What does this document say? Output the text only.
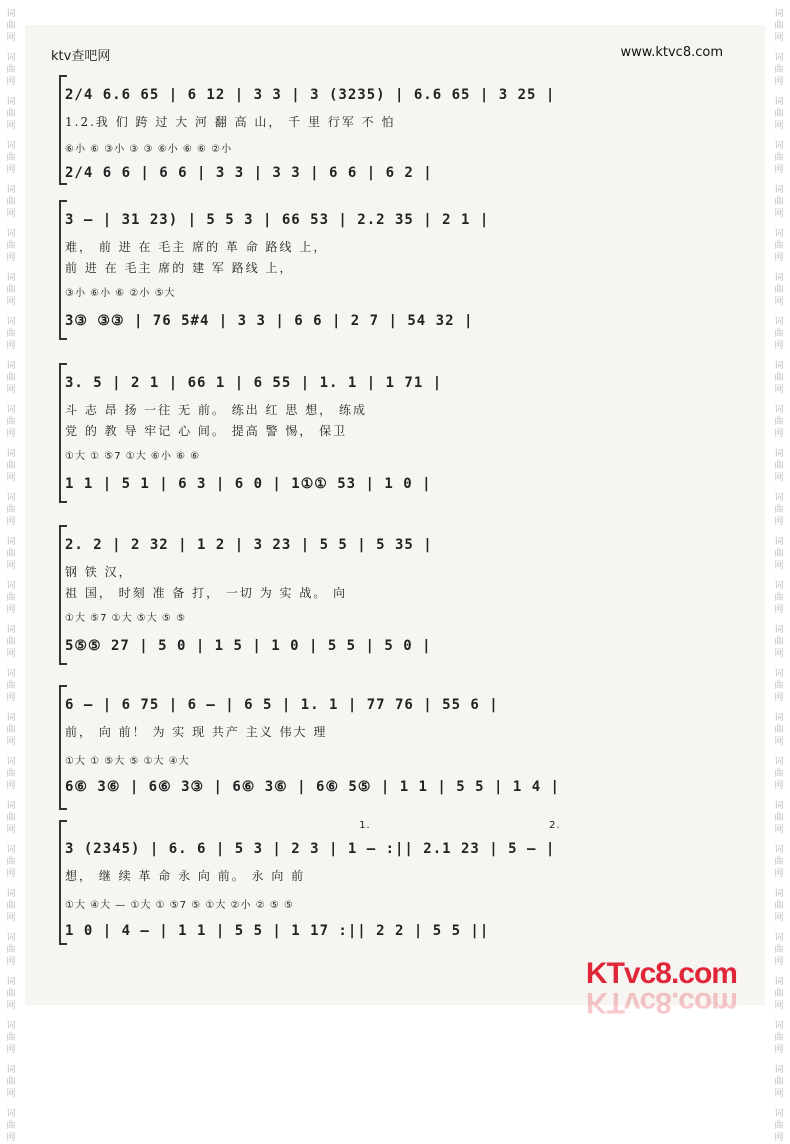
词曲网
词曲网
词曲网
词曲网
词曲网
词曲网
词曲网
词曲网
词曲网
词曲网
词曲网
词曲网
词曲网
词曲网
词曲网
词曲网
词曲网
词曲网
词曲网
词曲网
词曲网
词曲网
词曲网
词曲网
词曲网
词曲网
词曲网
词曲网
词曲网
词曲网
词曲网
词曲网
词曲网
词曲网
词曲网
词曲网
词曲网
词曲网
词曲网
词曲网
词曲网
词曲网
词曲网
词曲网
词曲网
词曲网
词曲网
词曲网
词曲网
词曲网
词曲网
词曲网
ktv查吧网	www.ktvc8.com
2/4 6.6 65 | 6 12 | 3 3 | 3 (3235) | 6.6 65 | 3 25 |
1.2.我 们 跨 过 大 河 翻 高 山， 千 里 行军 不 怕
⑥小 ⑥ ③小 ③ ③ ⑥小 ⑥ ⑥ ②小
2/4 6 6 | 6 6 | 3 3 | 3 3 | 6 6 | 6 2 |
3 — | 31 23) | 5 5 3 | 66 53 | 2.2 35 | 2 1 |
难， 前 进 在 毛主 席的 革 命 路线 上，
前 进 在 毛主 席的 建 军 路线 上，
③小 ⑥小 ⑥ ②小 ⑤大
3③ ③③ | 76 5#4 | 3 3 | 6 6 | 2 7 | 54 32 |
3. 5 | 2 1 | 66 1 | 6 55 | 1. 1 | 1 71 |
斗 志 昂 扬 一往 无 前。 练出 红 思 想， 练成
党 的 教 导 牢记 心 间。 提高 警 惕， 保卫
①大 ① ⑤7 ①大 ⑥小 ⑥ ⑥
1 1 | 5 1 | 6 3 | 6 0 | 1①① 53 | 1 0 |
2. 2 | 2 32 | 1 2 | 3 23 | 5 5 | 5 35 |
钢 铁 汉，
祖 国， 时刻 准 备 打， 一切 为 实 战。 向
①大 ⑤7 ①大 ⑤大 ⑤ ⑤
5⑤⑤ 27 | 5 0 | 1 5 | 1 0 | 5 5 | 5 0 |
6 — | 6 75 | 6 — | 6 5 | 1. 1 | 77 76 | 55 6 |
前， 向 前！ 为 实 现 共产 主义 伟大 理
①大 ① ⑤大 ⑤ ①大 ④大
6⑥ 3⑥ | 6⑥ 3③ | 6⑥ 3⑥ | 6⑥ 5⑤ | 1 1 | 5 5 | 1 4 |
1.	2.
3 (2345) | 6. 6 | 5 3 | 2 3 | 1 — :|| 2.1 23 | 5 — |
想， 继 续 革 命 永 向 前。 永 向 前
①大 ④大 — ①大 ① ⑤7 ⑤ ①大 ②小 ② ⑤ ⑤
1 0 | 4 — | 1 1 | 5 5 | 1 17 :|| 2 2 | 5 5 ||
KTvc8.com
KTvc8.com
